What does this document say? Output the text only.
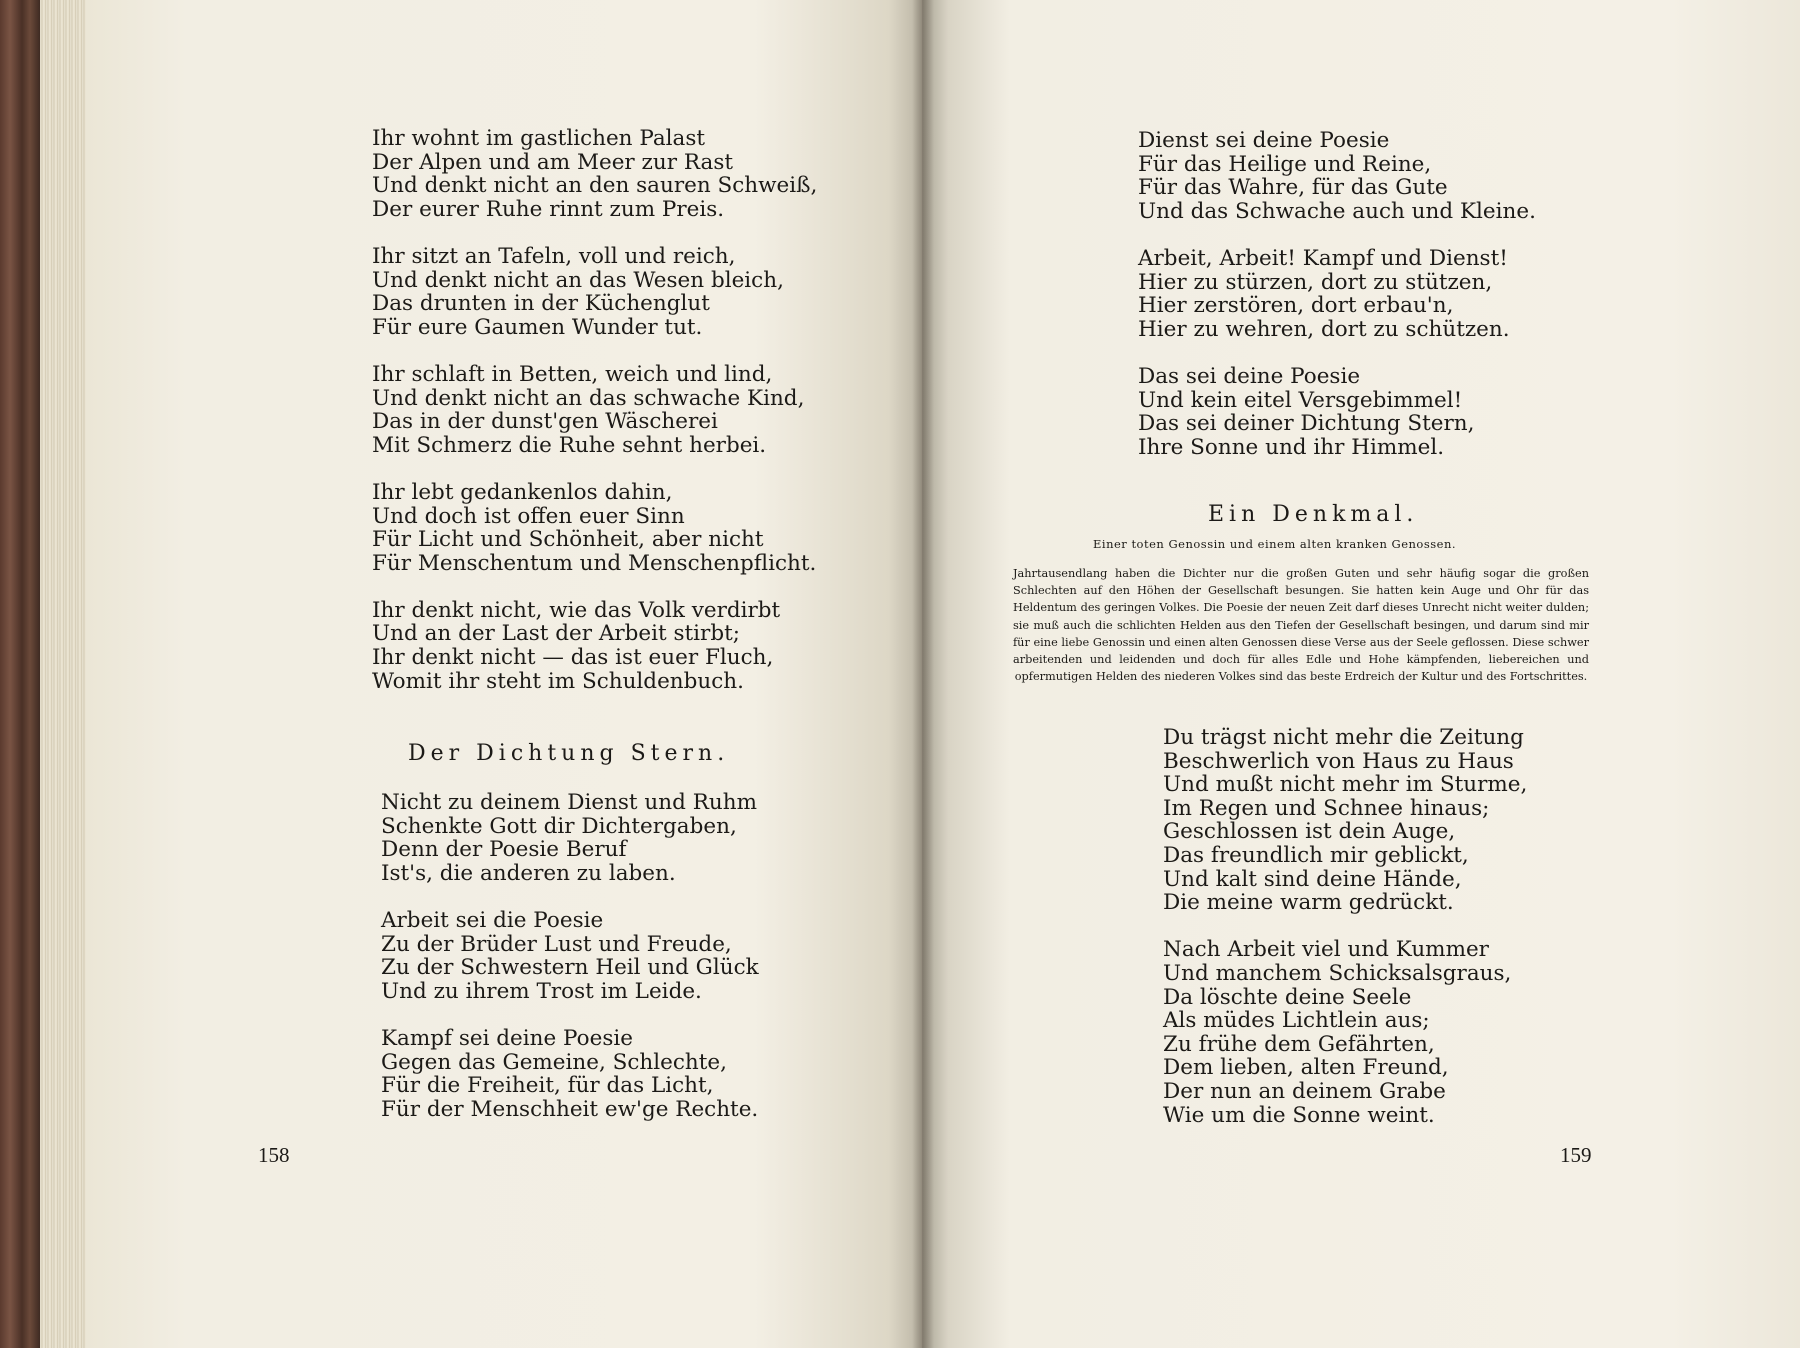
Ihr wohnt im gastlichen Palast
Der Alpen und am Meer zur Rast
Und denkt nicht an den sauren Schweiß,
Der eurer Ruhe rinnt zum Preis.
Ihr sitzt an Tafeln, voll und reich,
Und denkt nicht an das Wesen bleich,
Das drunten in der Küchenglut
Für eure Gaumen Wunder tut.
Ihr schlaft in Betten, weich und lind,
Und denkt nicht an das schwache Kind,
Das in der dunst'gen Wäscherei
Mit Schmerz die Ruhe sehnt herbei.
Ihr lebt gedankenlos dahin,
Und doch ist offen euer Sinn
Für Licht und Schönheit, aber nicht
Für Menschentum und Menschenpflicht.
Ihr denkt nicht, wie das Volk verdirbt
Und an der Last der Arbeit stirbt;
Ihr denkt nicht — das ist euer Fluch,
Womit ihr steht im Schuldenbuch.
Der Dichtung Stern.
Nicht zu deinem Dienst und Ruhm
Schenkte Gott dir Dichtergaben,
Denn der Poesie Beruf
Ist's, die anderen zu laben.
Arbeit sei die Poesie
Zu der Brüder Lust und Freude,
Zu der Schwestern Heil und Glück
Und zu ihrem Trost im Leide.
Kampf sei deine Poesie
Gegen das Gemeine, Schlechte,
Für die Freiheit, für das Licht,
Für der Menschheit ew'ge Rechte.
158
Dienst sei deine Poesie
Für das Heilige und Reine,
Für das Wahre, für das Gute
Und das Schwache auch und Kleine.
Arbeit, Arbeit! Kampf und Dienst!
Hier zu stürzen, dort zu stützen,
Hier zerstören, dort erbau'n,
Hier zu wehren, dort zu schützen.
Das sei deine Poesie
Und kein eitel Versgebimmel!
Das sei deiner Dichtung Stern,
Ihre Sonne und ihr Himmel.
Ein Denkmal.
Einer toten Genossin und einem alten kranken Genossen.
Jahrtausendlang haben die Dichter nur die großen Guten und sehr häufig sogar die großen Schlechten auf den Höhen der Gesellschaft besungen. Sie hatten kein Auge und Ohr für das Heldentum des geringen Volkes. Die Poesie der neuen Zeit darf dieses Unrecht nicht weiter dulden; sie muß auch die schlichten Helden aus den Tiefen der Gesellschaft besingen, und darum sind mir für eine liebe Genossin und einen alten Genossen diese Verse aus der Seele geflossen. Diese schwer arbeitenden und leidenden und doch für alles Edle und Hohe kämpfenden, liebereichen und opfermutigen Helden des niederen Volkes sind das beste Erdreich der Kultur und des Fortschrittes.
Du trägst nicht mehr die Zeitung
Beschwerlich von Haus zu Haus
Und mußt nicht mehr im Sturme,
Im Regen und Schnee hinaus;
Geschlossen ist dein Auge,
Das freundlich mir geblickt,
Und kalt sind deine Hände,
Die meine warm gedrückt.
Nach Arbeit viel und Kummer
Und manchem Schicksalsgraus,
Da löschte deine Seele
Als müdes Lichtlein aus;
Zu frühe dem Gefährten,
Dem lieben, alten Freund,
Der nun an deinem Grabe
Wie um die Sonne weint.
159
